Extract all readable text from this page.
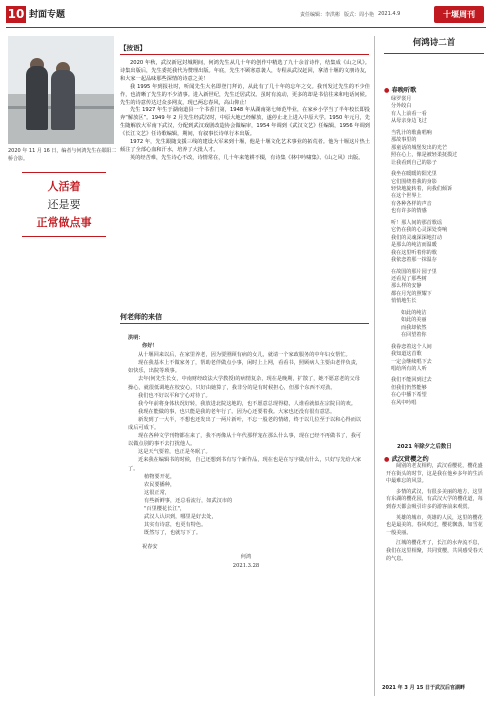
10 封面专题	责任编辑：李洪彬 版式：周小艳 2021.4.9	十堰周刊
2020 年 11 月 16 日，编者与何鸿先生在郧阳二桥合影。
人活着
还是要
正常做点事
【按语】

2020 年秋，武汉新冠封城期间，何鸿先生从几十年的创作中精选了九十余首诗作，结集成《山之风》。诗集出版后，先生委托我代为赞理出版。年底，先生不顾寒意袭人，专程从武汉赶回，拿清十堰的文朋诗友，和大家一起品味那些深情的诗意之美！

我 1995 年到报社时，听闻先生大名即登门拜访，从此有了几十年的忘年之交。我刊发过先生的不少佳作，也清晰了先生的不少清事。进入新世纪，先生迁居武汉。虽时有流动，更多的却是书信往来和电话问候。先生的诗意传达过众多网友，现已两忘春风，高山仰止！

先生 1927 年生于湖南道县一个书香门第，1948 年从湖南第七师范毕业，在家乡小学当了半年校长即投奔“解放区”。1949 年 2 月先生经武汉时，中原大地已经解放，遂停止北上进入中原大学。1950 年元月，先生随解放大军南下武汉，分配到武汉戏剧改造协会做编审，1954 年调到《武汉文艺》任编辑，1956 年调到《长江文艺》任诗歌编辑，期间，有叙事长诗单行本出版。

1972 年，先生跟随支援三线的建设大军来到十堰，他是十堰文化艺术事业的拓荒者。他为十堰这片热土倾注了全部心血和汗水，培养了大批人才。

英的经苦难，先生诗心不改，诗情常在，几十年来笔耕不辍，有诗集《林中吟啸集》、《山之风》出版。

何老师的来信
洪明：
你好！
从十堰回来以后，在家里养老，因为要照顾有病的女儿，就请一个家政服务的中年妇女帮忙。
现在我基本上不做家务了，帮助老伴做点小事，闲时上上网，看看书，照顾病人主要由老伴负责，如快乐，出院等琐事。
去年(何先生长女，中南财经政法大学教授)的病情复杂，现在是晚期，扩散了，她不愿意老的父母操心，就很低调地在校安心，只好由她算了，我非分的是有时候担心，但那个东西不对劲。
我们也不好以平和宁心对待了。
我今年前将身体状况好转，我放进北院这地的，也不愿意总现得稳，人谁看就似在宗院目的欢。
我现在能做的事，也只能是我的老年行了。因为心还要着我。大家也还没有很有意思。
新发到了一大半，不想也还发出了一两片新叶，不忘一股老的情绪，终于以几位至于以和心得而以成后可成下。
现在各种文学刊物都在来了，我不再像从十年代那样宠在那么什么事，现在已经不再做书了，我可以做点别的事不去打扰他人。
这是天气要着，也正是冬眠了。
近来我在编辑书的时候，自己还想到书有写个新作品，现在也是在写字做点什么，只好写先给大家了。
植物要开花，
农民要播种，
这很正常，
有些新鲜事，还总看流行，如武汉市的
"百里樱花长江"，
武汉人认识到，哪里是好去处，
其实有诗意，也更有特色。
既然写了，也就写下了。
祝春安
何鸿
2021.3.28
何鸿诗二首
● 春晚听歌
绿罗裳月
分外皎白
有人上前看一看
从母亲身边飞过
当乳汁的歌曲唱响
那故事里的
那童话的城堡发出的光芒
照在心上，像是被轻柔抚摸过
让我看到自己的影子
我坐在暖暖的阳光里
它们围绕着我的身影
轻快地旋转着，向我们倾诉
在这个世界上
有各种各样的声音
也有许多的情感
听！那人间的那首歌谣
它仍在我的心灵深处奏响
我们的灵魂深深地打动
是那么的纯洁而温暖
我在这里听着你的歌
我依恋着那一抹温存
在故国的那片园子里
还看见了那些树
那么样的安静
都在月光的照耀下
悄悄地生长
如此的纯洁
如此的美丽
而我却依然
在回望着你
我眷恋着这个人间
我知道这首歌
一定会继续唱下去
唱给所有的人听
我们不能回到过去
但我们仍然能够
在心中播下希望
在风中吟唱
2021 年除夕之后数日
● 武汉赏樱之约

阔别的老友相约，武汉看樱花，樱花盛开在街头的时节，这是我在他乡多年的生活中最难忘的风景。

多情的武汉，有很多美丽的地方，这里有东湖的樱花园，有武汉大学的樱花道，每到春天都会吸引许多的游客前来观赏。

英雄的城市，英雄的人民，这里的樱花也是最美的。春风吹过，樱花飘落，如雪花一般美丽。

江城的樱花开了，长江的水奔流不息，我们在这里相聚，共同赏樱，共同感受春天的气息。

2021 年 3 月 15 日于武汉后官湖畔
